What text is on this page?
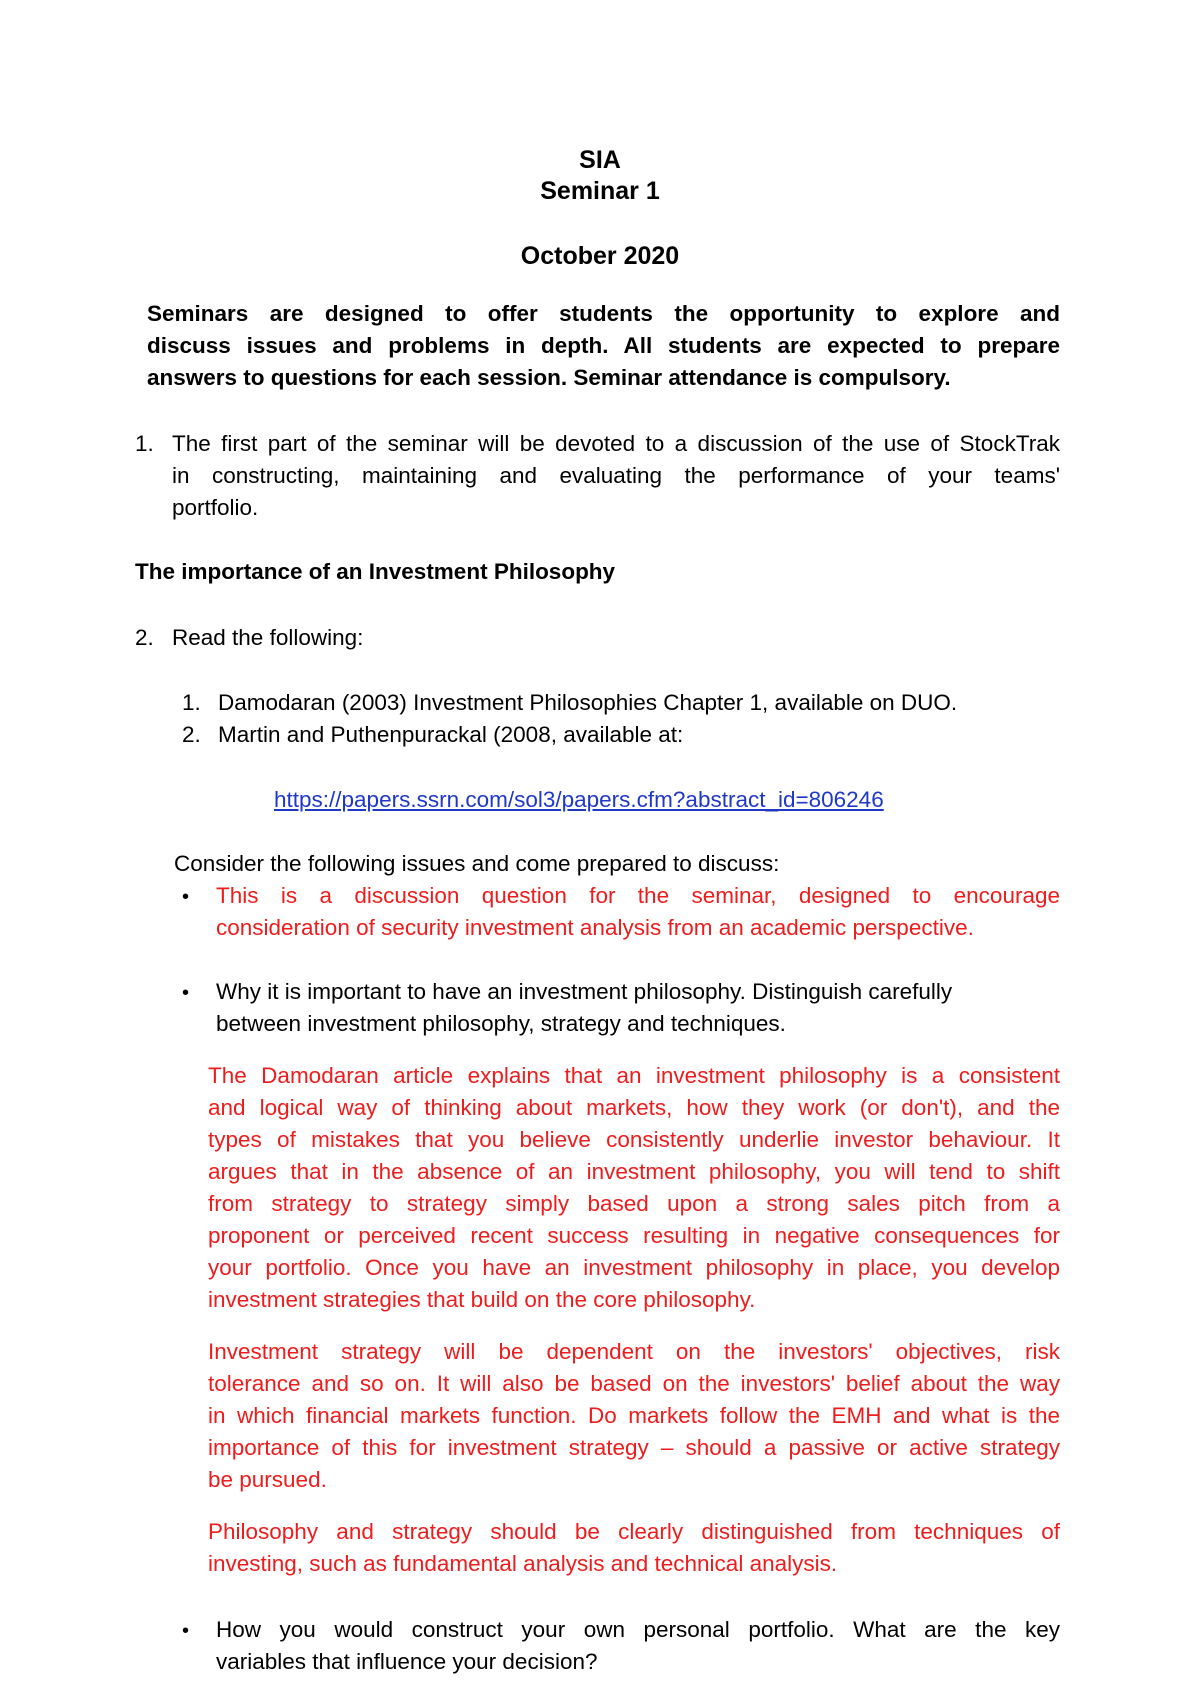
SIA
Seminar 1
October 2020
Seminars are designed to offer students the opportunity to explore and
discuss issues and problems in depth. All students are expected to prepare
answers to questions for each session. Seminar attendance is compulsory.
1. The first part of the seminar will be devoted to a discussion of the use of StockTrak
in constructing, maintaining and evaluating the performance of your teams'
portfolio.
The importance of an Investment Philosophy
2. Read the following:
1. Damodaran (2003) Investment Philosophies Chapter 1, available on DUO.
2. Martin and Puthenpurackal (2008, available at:
https://papers.ssrn.com/sol3/papers.cfm?abstract_id=806246
Consider the following issues and come prepared to discuss:
• This is a discussion question for the seminar, designed to encourage
consideration of security investment analysis from an academic perspective.
• Why it is important to have an investment philosophy. Distinguish carefully
between investment philosophy, strategy and techniques.
The Damodaran article explains that an investment philosophy is a consistent
and logical way of thinking about markets, how they work (or don't), and the
types of mistakes that you believe consistently underlie investor behaviour. It
argues that in the absence of an investment philosophy, you will tend to shift
from strategy to strategy simply based upon a strong sales pitch from a
proponent or perceived recent success resulting in negative consequences for
your portfolio. Once you have an investment philosophy in place, you develop
investment strategies that build on the core philosophy.
Investment strategy will be dependent on the investors' objectives, risk
tolerance and so on. It will also be based on the investors' belief about the way
in which financial markets function. Do markets follow the EMH and what is the
importance of this for investment strategy – should a passive or active strategy
be pursued.
Philosophy and strategy should be clearly distinguished from techniques of
investing, such as fundamental analysis and technical analysis.
• How you would construct your own personal portfolio. What are the key
variables that influence your decision?
